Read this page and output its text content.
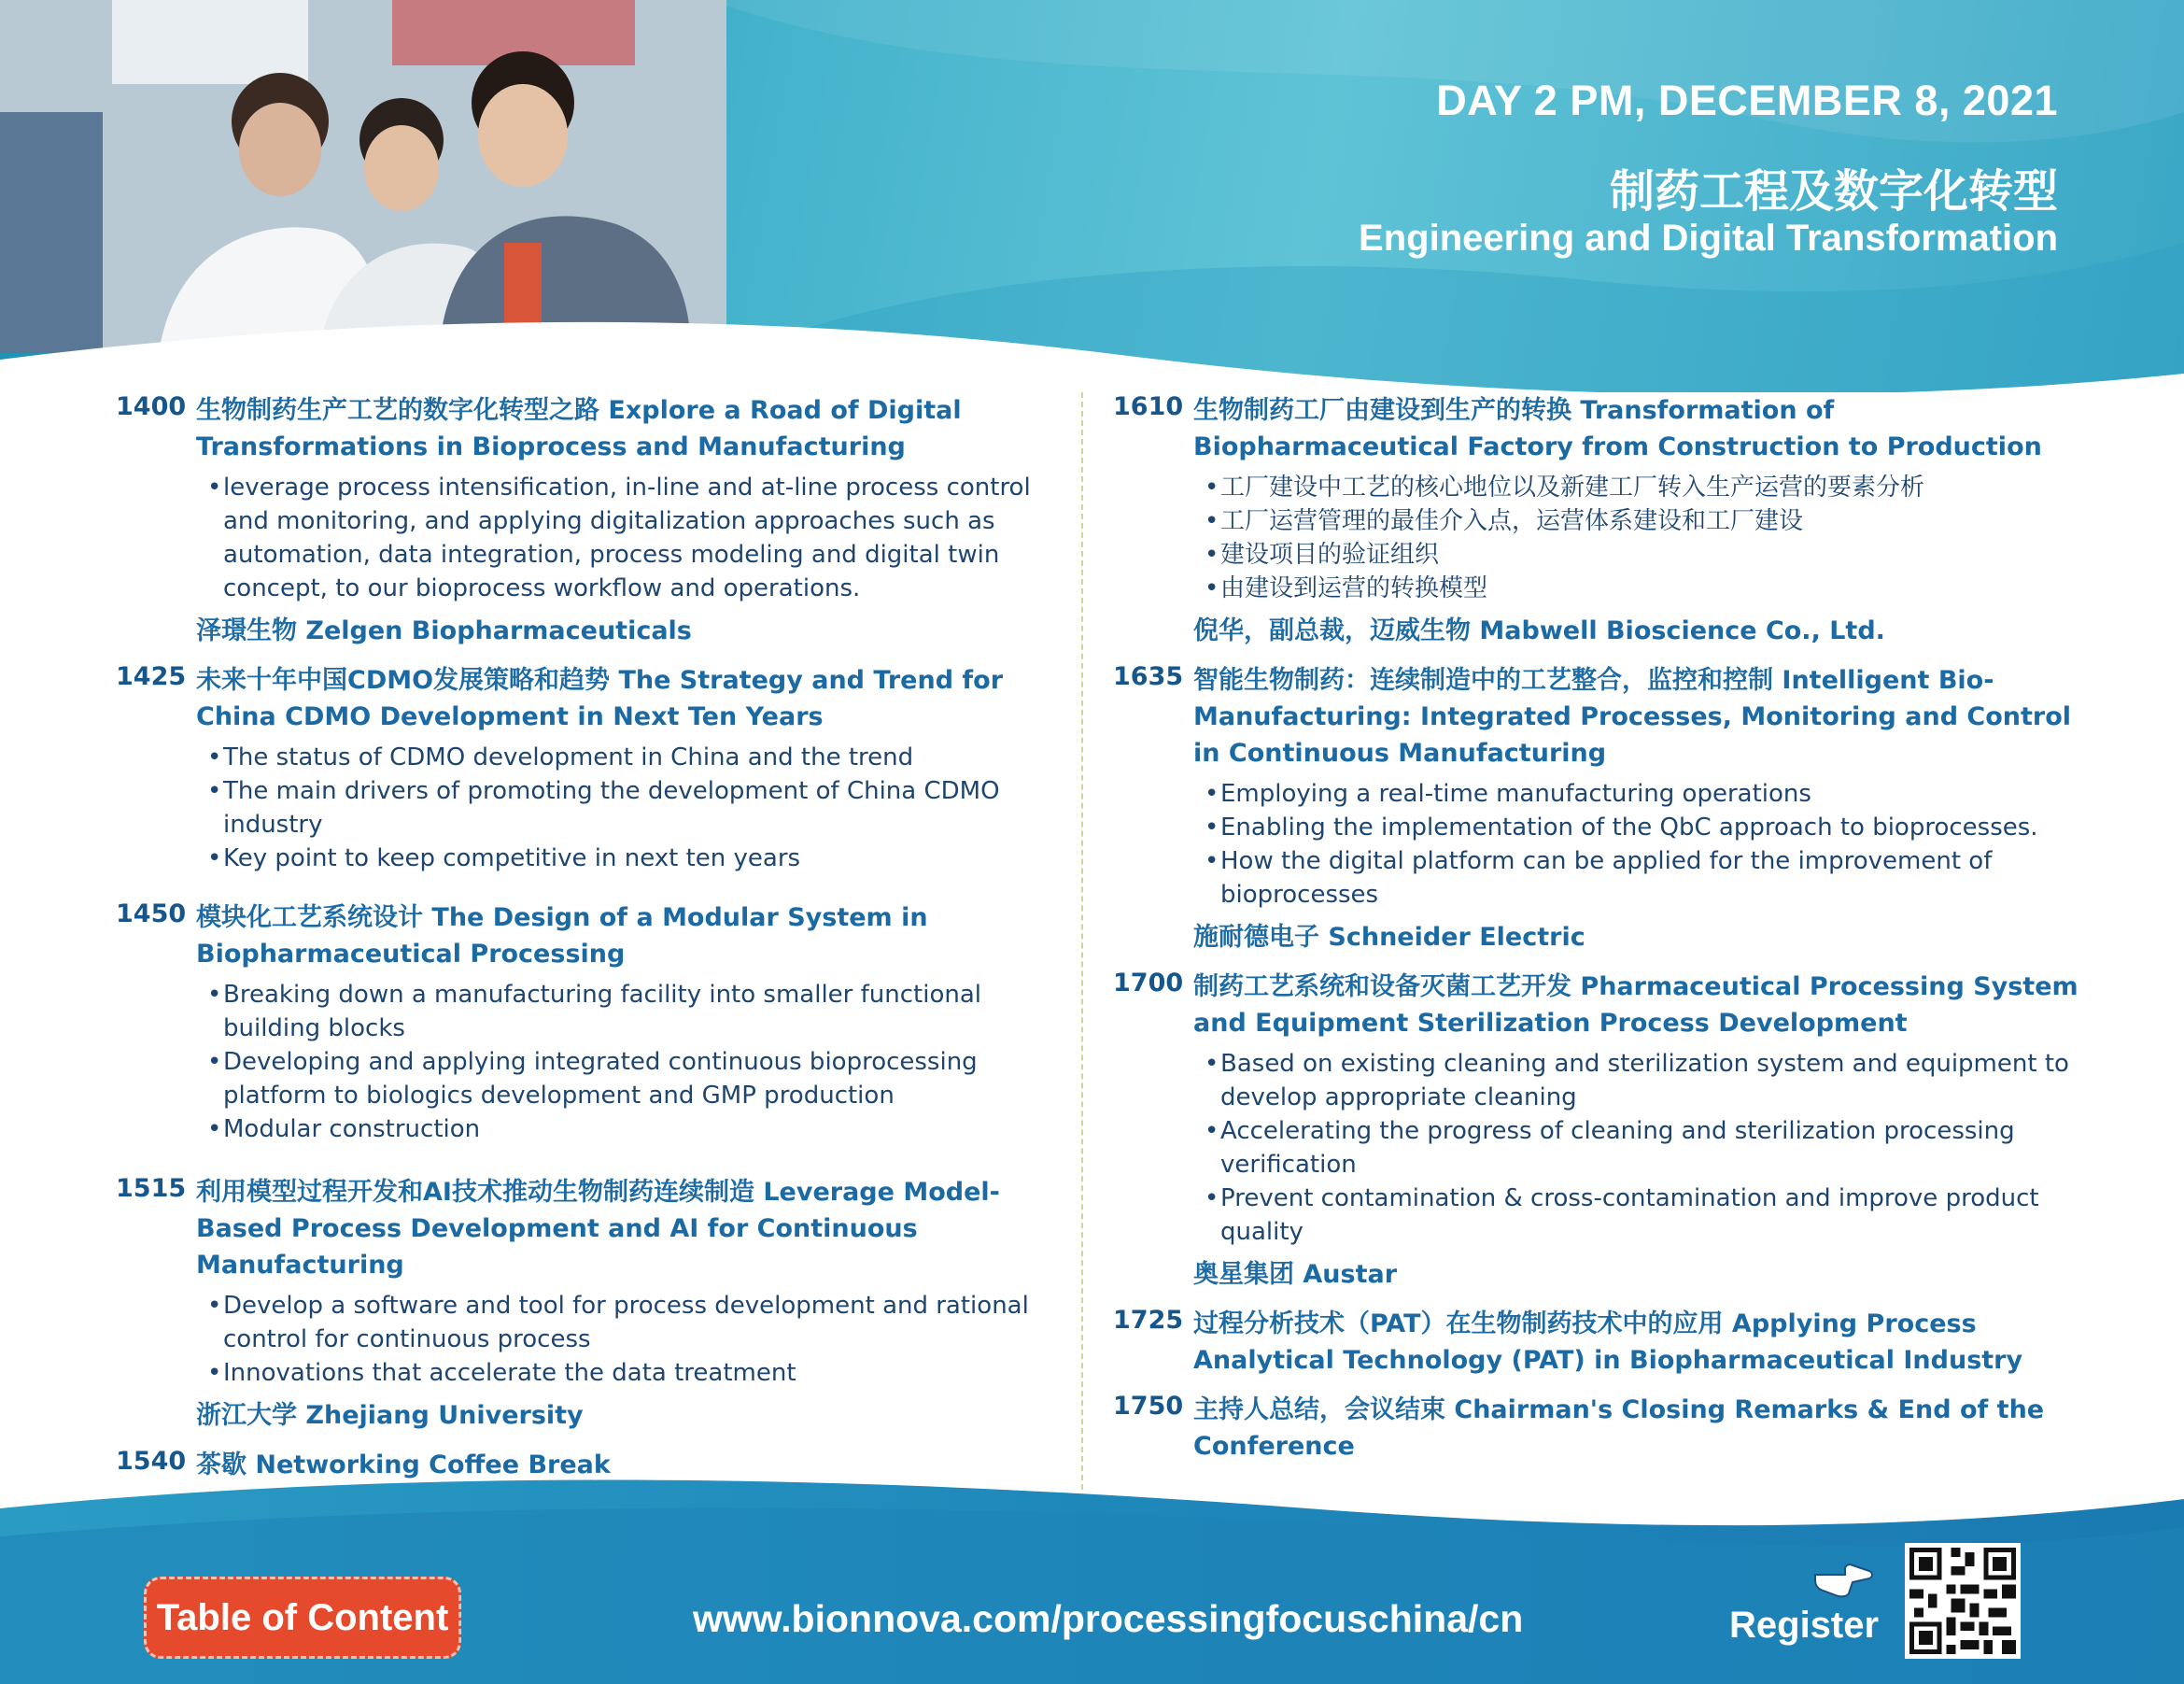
DAY 2 PM, DECEMBER 8, 2021
制药工程及数字化转型
Engineering and Digital Transformation
1400 生物制药生产工艺的数字化转型之路 Explore a Road of Digital Transformations in Bioprocess and Manufacturing
• leverage process intensification, in-line and at-line process control and monitoring, and applying digitalization approaches such as automation, data integration, process modeling and digital twin concept, to our bioprocess workflow and operations.
泽璟生物 Zelgen Biopharmaceuticals
1425 未来十年中国CDMO发展策略和趋势 The Strategy and Trend for China CDMO Development in Next Ten Years
• The status of CDMO development in China and the trend
• The main drivers of promoting the development of China CDMO industry
• Key point to keep competitive in next ten years
1450 模块化工艺系统设计 The Design of a Modular System in Biopharmaceutical Processing
• Breaking down a manufacturing facility into smaller functional building blocks
• Developing and applying integrated continuous bioprocessing platform to biologics development and GMP production
• Modular construction
1515 利用模型过程开发和AI技术推动生物制药连续制造 Leverage Model-Based Process Development and AI for Continuous Manufacturing
• Develop a software and tool for process development and rational control for continuous process
• Innovations that accelerate the data treatment
浙江大学 Zhejiang University
1540 茶歇 Networking Coffee Break
1610 生物制药工厂由建设到生产的转换 Transformation of Biopharmaceutical Factory from Construction to Production
• 工厂建设中工艺的核心地位以及新建工厂转入生产运营的要素分析
• 工厂运营管理的最佳介入点，运营体系建设和工厂建设
• 建设项目的验证组织
• 由建设到运营的转换模型
倪华，副总裁，迈威生物 Mabwell Bioscience Co., Ltd.
1635 智能生物制药：连续制造中的工艺整合，监控和控制 Intelligent Bio-Manufacturing: Integrated Processes, Monitoring and Control in Continuous Manufacturing
• Employing a real-time manufacturing operations
• Enabling the implementation of the QbC approach to bioprocesses.
• How the digital platform can be applied for the improvement of bioprocesses
施耐德电子 Schneider Electric
1700 制药工艺系统和设备灭菌工艺开发 Pharmaceutical Processing System and Equipment Sterilization Process Development
• Based on existing cleaning and sterilization system and equipment to develop appropriate cleaning
• Accelerating the progress of cleaning and sterilization processing verification
• Prevent contamination & cross-contamination and improve product quality
奥星集团 Austar
1725 过程分析技术（PAT）在生物制药技术中的应用 Applying Process Analytical Technology (PAT) in Biopharmaceutical Industry
1750 主持人总结，会议结束 Chairman's Closing Remarks & End of the Conference
Table of Content	www.bionnova.com/processingfocuschina/cn	Register
